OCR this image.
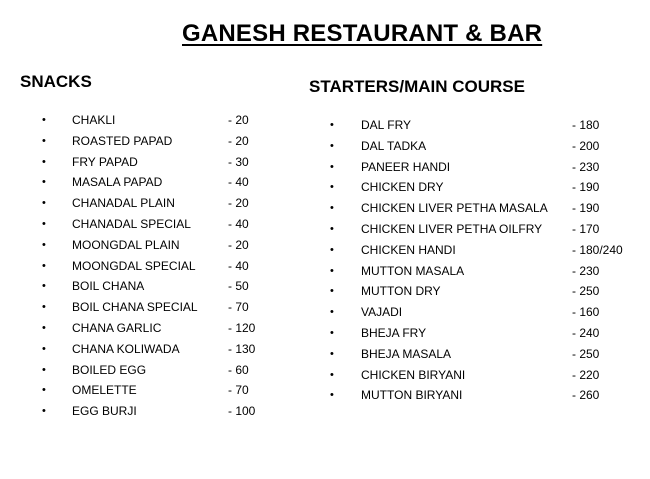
GANESH RESTAURANT & BAR
SNACKS
• CHAKLI	- 20
• ROASTED PAPAD	- 20
• FRY PAPAD	- 30
• MASALA PAPAD	- 40
• CHANADAL PLAIN	- 20
• CHANADAL SPECIAL	- 40
• MOONGDAL PLAIN	- 20
• MOONGDAL SPECIAL	- 40
• BOIL CHANA	- 50
• BOIL CHANA SPECIAL	- 70
• CHANA GARLIC	- 120
• CHANA KOLIWADA	- 130
• BOILED EGG	- 60
• OMELETTE	- 70
• EGG BURJI	- 100
STARTERS/MAIN COURSE
• DAL FRY	- 180
• DAL TADKA	- 200
• PANEER HANDI	- 230
• CHICKEN DRY	- 190
• CHICKEN LIVER PETHA MASALA - 190
• CHICKEN LIVER PETHA OILFRY - 170
• CHICKEN HANDI	- 180/240
• MUTTON MASALA	- 230
• MUTTON DRY	- 250
• VAJADI	- 160
• BHEJA FRY	- 240
• BHEJA MASALA	- 250
• CHICKEN BIRYANI	- 220
• MUTTON BIRYANI	- 260
